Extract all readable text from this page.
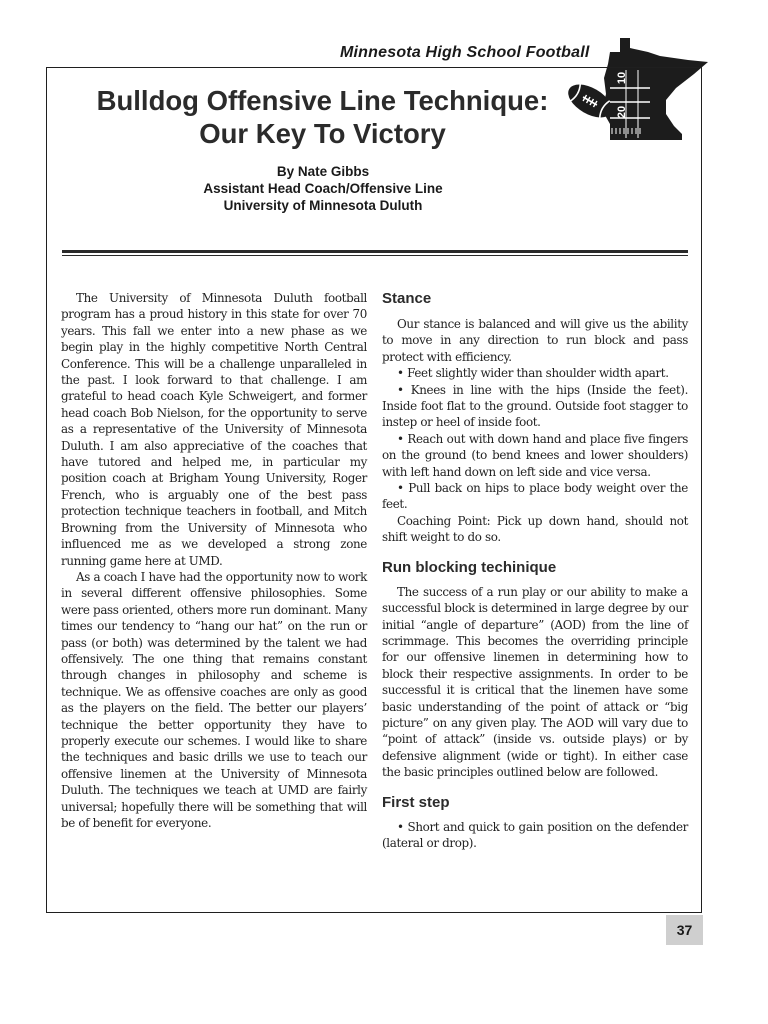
Minnesota High School Football
10
20
Bulldog Offensive Line Technique:
Our Key To Victory
By Nate Gibbs
Assistant Head Coach/Offensive Line
University of Minnesota Duluth

The University of Minnesota Duluth football program has a proud history in this state for over 70 years. This fall we enter into a new phase as we begin play in the highly competitive North Central Conference. This will be a challenge unparalleled in the past. I look forward to that challenge. I am grateful to head coach Kyle Schweigert, and former head coach Bob Nielson, for the opportunity to serve as a representative of the University of Minnesota Duluth. I am also appreciative of the coaches that have tutored and helped me, in particular my position coach at Brigham Young University, Roger French, who is arguably one of the best pass protection technique teachers in football, and Mitch Browning from the University of Minnesota who influenced me as we developed a strong zone running game here at UMD.

As a coach I have had the opportunity now to work in several different offensive philosophies. Some were pass oriented, others more run dominant. Many times our tendency to “hang our hat” on the run or pass (or both) was determined by the talent we had offensively. The one thing that remains constant through changes in philosophy and scheme is technique. We as offensive coaches are only as good as the players on the field. The better our players’ technique the better opportunity they have to properly execute our schemes. I would like to share the techniques and basic drills we use to teach our offensive linemen at the University of Minnesota Duluth. The techniques we teach at UMD are fairly universal; hopefully there will be something that will be of benefit for everyone.

Stance

Our stance is balanced and will give us the ability to move in any direction to run block and pass protect with efficiency.

• Feet slightly wider than shoulder width apart.

• Knees in line with the hips (Inside the feet). Inside foot flat to the ground. Outside foot stagger to instep or heel of inside foot.

• Reach out with down hand and place five fingers on the ground (to bend knees and lower shoulders) with left hand down on left side and vice versa.

• Pull back on hips to place body weight over the feet.

Coaching Point: Pick up down hand, should not shift weight to do so.

Run blocking techinique

The success of a run play or our ability to make a successful block is determined in large degree by our initial “angle of departure” (AOD) from the line of scrimmage. This becomes the overriding principle for our offensive linemen in determining how to block their respective assignments. In order to be successful it is critical that the linemen have some basic understanding of the point of attack or “big picture” on any given play. The AOD will vary due to “point of attack” (inside vs. outside plays) or by defensive alignment (wide or tight). In either case the basic principles outlined below are followed.

First step

• Short and quick to gain position on the defender (lateral or drop).

37
